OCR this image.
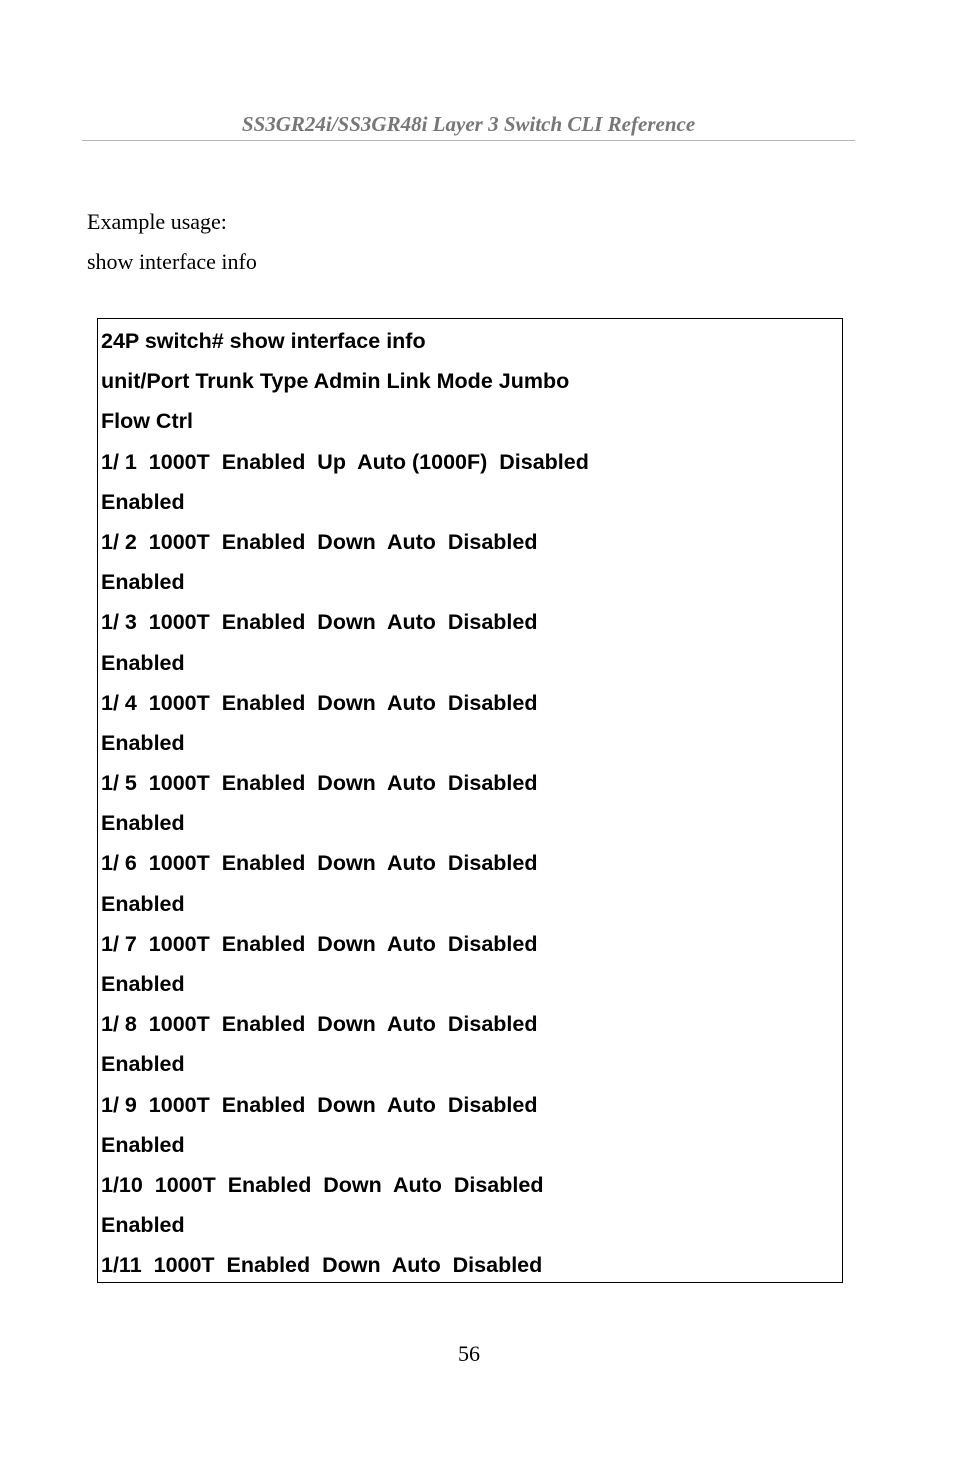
SS3GR24i/SS3GR48i Layer 3 Switch CLI Reference
Example usage:
show interface info
24P switch# show interface info
unit/Port Trunk Type Admin Link Mode Jumbo
Flow Ctrl
1/ 1  1000T  Enabled  Up  Auto (1000F)  Disabled
Enabled
1/ 2  1000T  Enabled  Down  Auto  Disabled
Enabled
1/ 3  1000T  Enabled  Down  Auto  Disabled
Enabled
1/ 4  1000T  Enabled  Down  Auto  Disabled
Enabled
1/ 5  1000T  Enabled  Down  Auto  Disabled
Enabled
1/ 6  1000T  Enabled  Down  Auto  Disabled
Enabled
1/ 7  1000T  Enabled  Down  Auto  Disabled
Enabled
1/ 8  1000T  Enabled  Down  Auto  Disabled
Enabled
1/ 9  1000T  Enabled  Down  Auto  Disabled
Enabled
1/10  1000T  Enabled  Down  Auto  Disabled
Enabled
1/11  1000T  Enabled  Down  Auto  Disabled
56
